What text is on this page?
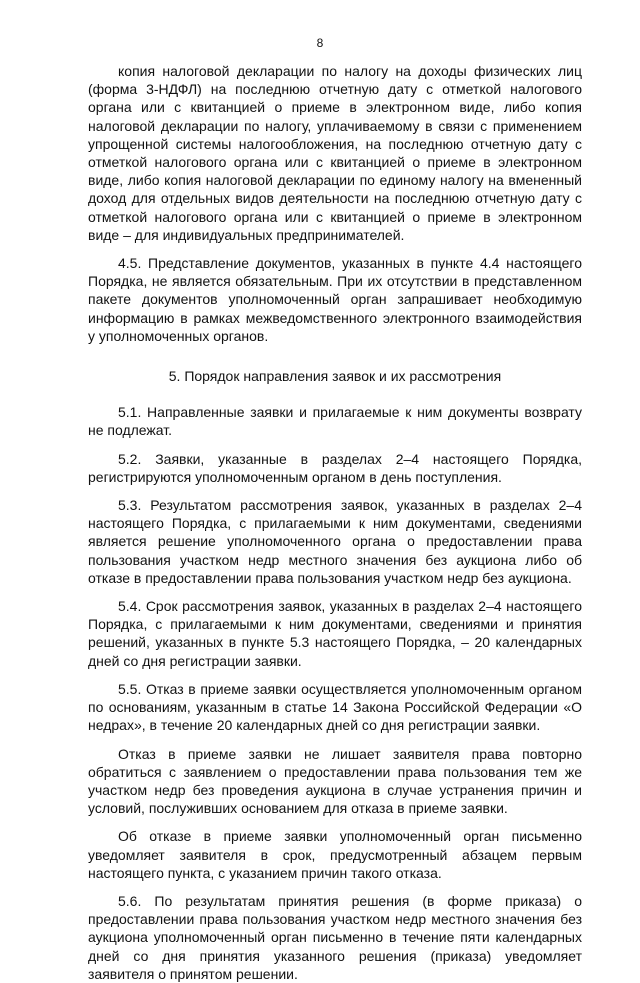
8

копия налоговой декларации по налогу на доходы физических лиц (форма 3-НДФЛ) на последнюю отчетную дату с отметкой налогового органа или с квитанцией о приеме в электронном виде, либо копия налоговой декларации по налогу, уплачиваемому в связи с применением упрощенной системы налогообложения, на последнюю отчетную дату с отметкой налогового органа или с квитанцией о приеме в электронном виде, либо копия налоговой декларации по единому налогу на вмененный доход для отдельных видов деятельности на последнюю отчетную дату с отметкой налогового органа или с квитанцией о приеме в электронном виде – для индивидуальных предпринимателей.

4.5. Представление документов, указанных в пункте 4.4 настоящего Порядка, не является обязательным. При их отсутствии в представленном пакете документов уполномоченный орган запрашивает необходимую информацию в рамках межведомственного электронного взаимодействия у уполномоченных органов.

5. Порядок направления заявок и их рассмотрения

5.1. Направленные заявки и прилагаемые к ним документы возврату не подлежат.

5.2. Заявки, указанные в разделах 2–4 настоящего Порядка, регистрируются уполномоченным органом в день поступления.

5.3. Результатом рассмотрения заявок, указанных в разделах 2–4 настоящего Порядка, с прилагаемыми к ним документами, сведениями является решение уполномоченного органа о предоставлении права пользования участком недр местного значения без аукциона либо об отказе в предоставлении права пользования участком недр без аукциона.

5.4. Срок рассмотрения заявок, указанных в разделах 2–4 настоящего Порядка, с прилагаемыми к ним документами, сведениями и принятия решений, указанных в пункте 5.3 настоящего Порядка, – 20 календарных дней со дня регистрации заявки.

5.5. Отказ в приеме заявки осуществляется уполномоченным органом по основаниям, указанным в статье 14 Закона Российской Федерации «О недрах», в течение 20 календарных дней со дня регистрации заявки.

Отказ в приеме заявки не лишает заявителя права повторно обратиться с заявлением о предоставлении права пользования тем же участком недр без проведения аукциона в случае устранения причин и условий, послуживших основанием для отказа в приеме заявки.

Об отказе в приеме заявки уполномоченный орган письменно уведомляет заявителя в срок, предусмотренный абзацем первым настоящего пункта, с указанием причин такого отказа.

5.6. По результатам принятия решения (в форме приказа) о предоставлении права пользования участком недр местного значения без аукциона уполномоченный орган письменно в течение пяти календарных дней со дня принятия указанного решения (приказа) уведомляет заявителя о принятом решении.
